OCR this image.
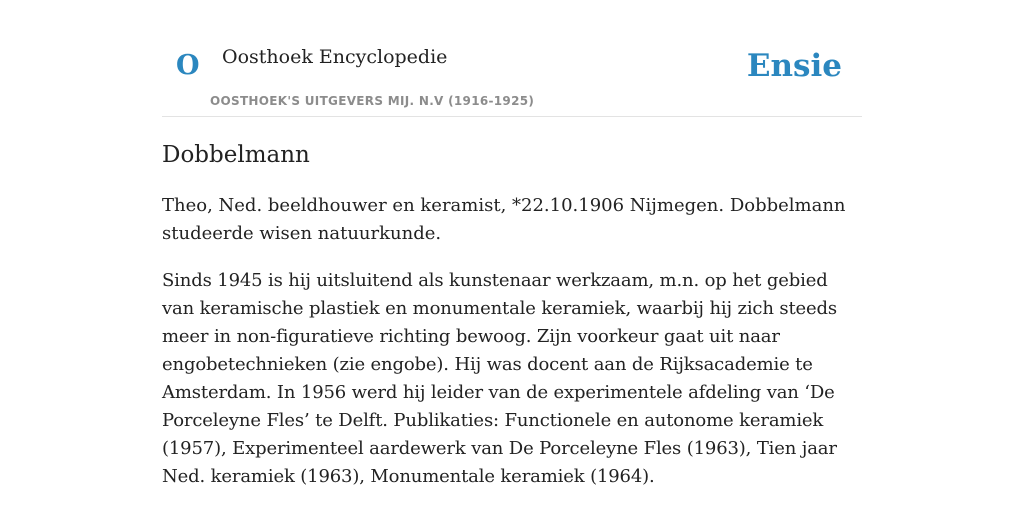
O Oosthoek Encyclopedie
OOSTHOEK'S UITGEVERS MIJ. N.V (1916-1925)
Ensie
Dobbelmann

Theo, Ned. beeldhouwer en keramist, *22.10.1906 Nijmegen. Dobbelmann studeerde wisen natuurkunde.

Sinds 1945 is hij uitsluitend als kunstenaar werkzaam, m.n. op het gebied van keramische plastiek en monumentale keramiek, waarbij hij zich steeds meer in non-figuratieve richting bewoog. Zijn voorkeur gaat uit naar engobetechnieken (zie engobe). Hij was docent aan de Rijksacademie te Amsterdam. In 1956 werd hij leider van de experimentele afdeling van ‘De Porceleyne Fles’ te Delft. Publikaties: Functionele en autonome keramiek (1957), Experimenteel aardewerk van De Porceleyne Fles (1963), Tien jaar Ned. keramiek (1963), Monumentale keramiek (1964).
